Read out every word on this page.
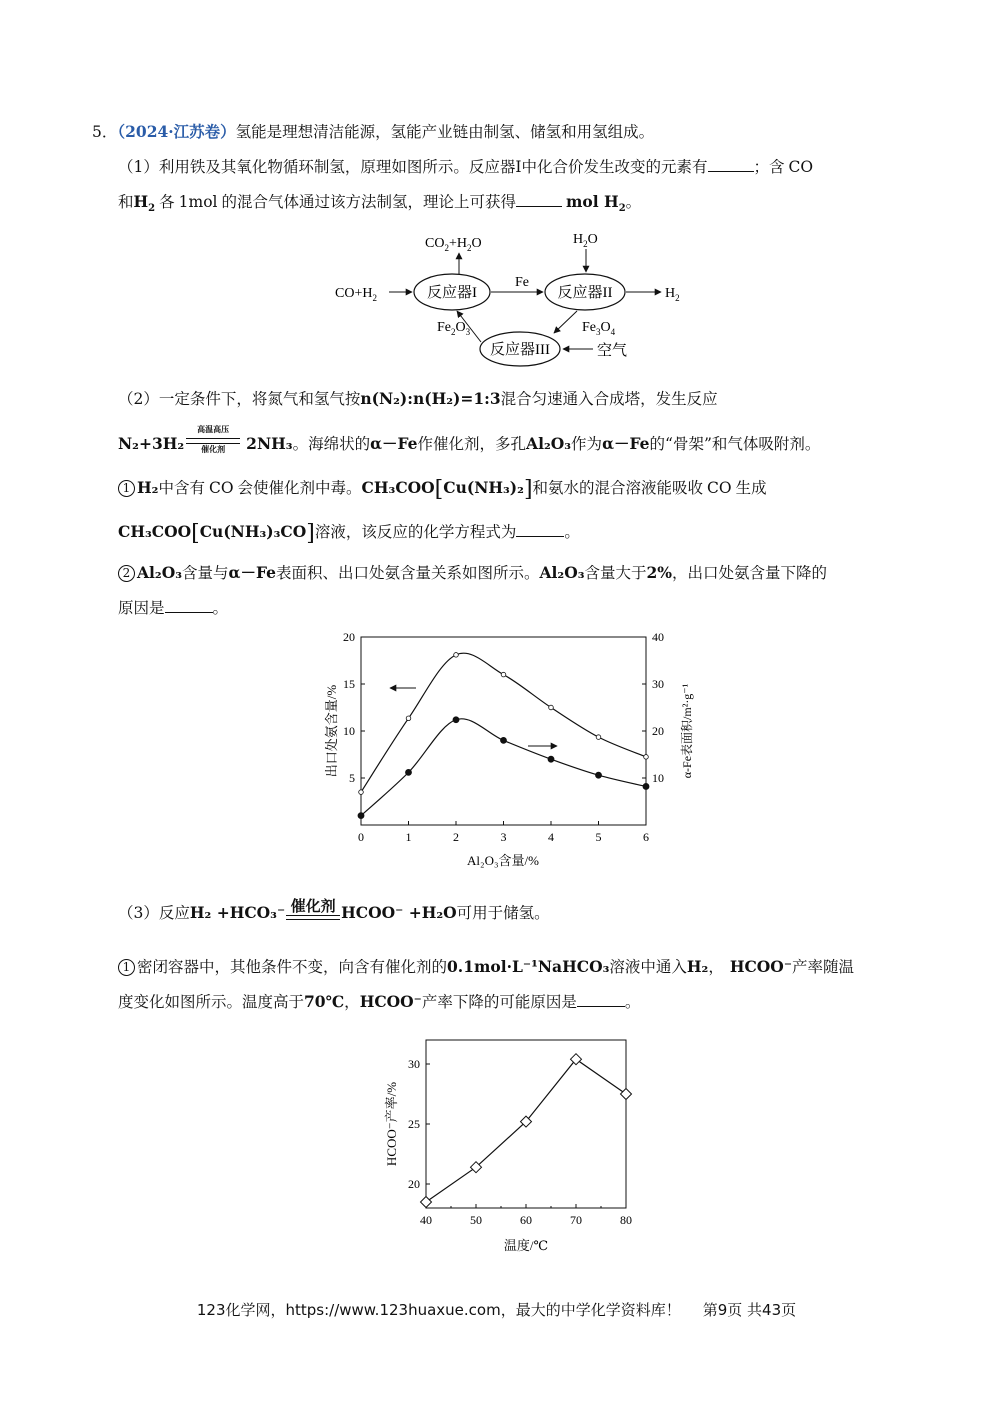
5．（2024·江苏卷）氢能是理想清洁能源，氢能产业链由制氢、储氢和用氢组成。
（1）利用铁及其氧化物循环制氢，原理如图所示。反应器I中化合价发生改变的元素有	；含 CO
和$H_2$ 各 1mol 的混合气体通过该方法制氢，理论上可获得	mol $H_2$。
反应器I	反应器II
反应器III
$CO+H_2$
$CO_2+H_2O$	$H_2O$
Fe
$H_2$
$Fe_2O_3$	$Fe_3O_4$
空气
（2）一定条件下，将氮气和氢气按n(N₂):n(H₂)=1:3混合匀速通入合成塔，发生反应
N₂+3H₂
高温高压
催化剂	2NH₃。海绵状的α－Fe作催化剂，多孔Al₂O₃作为α－Fe的“骨架”和气体吸附剂。
1 H₂中含有 CO 会使催化剂中毒。CH₃COO[Cu(NH₃)₂]和氨水的混合溶液能吸收 CO 生成
CH₃COO[Cu(NH₃)₃CO]溶液，该反应的化学方程式为	。
2 Al₂O₃含量与α－Fe表面积、出口处氨含量关系如图所示。Al₂O₃含量大于2%，出口处氨含量下降的
原因是	。
0	1	2	3	4	5	6
5
10
15
20
10
20
30
40
出口处氨含量/%	α-Fe表面积/m²·g⁻¹
Al₂O₃含量/%
（3）反应H₂ +HCO₃⁻ 催化剂 HCOO⁻ +H₂O可用于储氢。
1 密闭容器中，其他条件不变，向含有催化剂的0.1mol·L⁻¹NaHCO₃溶液中通入H₂， HCOO⁻产率随温
度变化如图所示。温度高于70℃，HCOO⁻产率下降的可能原因是	。
40	50	60	70	80
20
25
30
HCOO⁻产率/%
温度/℃
123化学网，https://www.123huaxue.com，最大的中学化学资料库！ 第9页 共43页
